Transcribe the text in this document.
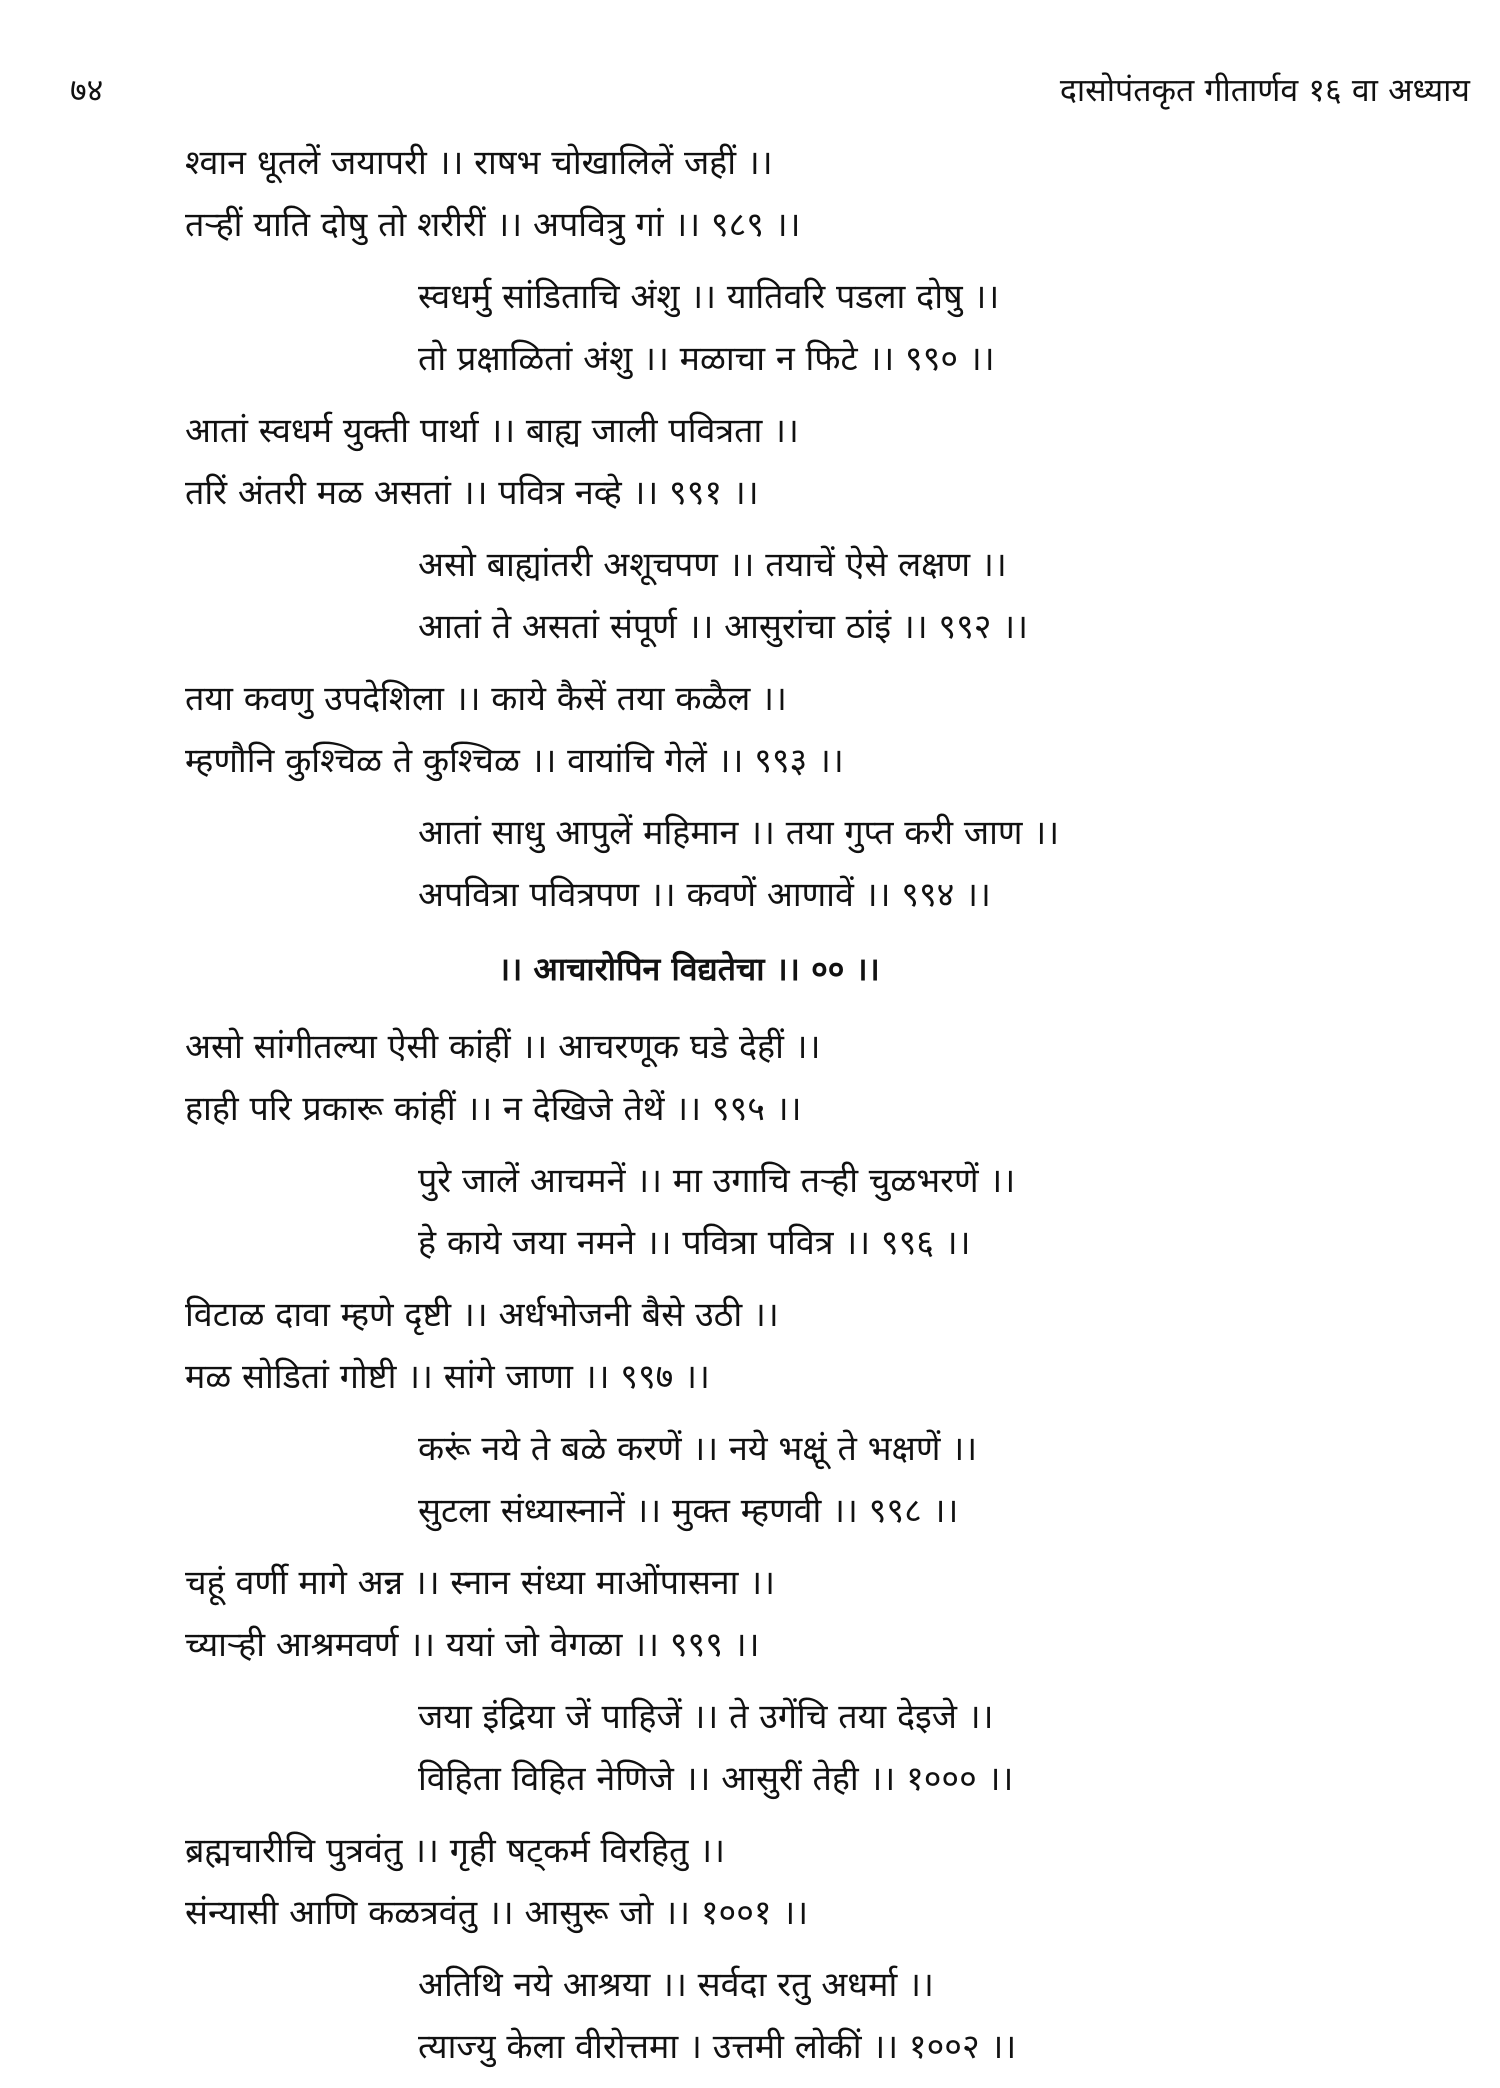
७४	दासोपंतकृत गीतार्णव १६ वा अध्याय
श्वान धूतलें जयापरी ।। राषभ चोखालिलें जहीं ।।
तऱ्हीं याति दोषु तो शरीरीं ।। अपवित्रु गां ।। ९८९ ।।
स्वधर्मु सांडिताचि अंशु ।। यातिवरि पडला दोषु ।।
तो प्रक्षाळितां अंशु ।। मळाचा न फिटे ।। ९९० ।।
आतां स्वधर्म युक्ती पार्था ।। बाह्य जाली पवित्रता ।।
तरिं अंतरी मळ असतां ।। पवित्र नव्हे ।। ९९१ ।।
असो बाह्यांतरी अशूचपण ।। तयाचें ऐसे लक्षण ।।
आतां ते असतां संपूर्ण ।। आसुरांचा ठांइं ।। ९९२ ।।
तया कवणु उपदेशिला ।। काये कैसें तया कळैल ।।
म्हणौनि कुश्चिळ ते कुश्चिळ ।। वायांचि गेलें ।। ९९३ ।।
आतां साधु आपुलें महिमान ।। तया गुप्त करी जाण ।।
अपवित्रा पवित्रपण ।। कवणें आणावें ।। ९९४ ।।
।। आचारोपिन विद्यतेचा ।। ०० ।।
असो सांगीतल्या ऐसी कांहीं ।। आचरणूक घडे देहीं ।।
हाही परि प्रकारू कांहीं ।। न देखिजे तेथें ।। ९९५ ।।
पुरे जालें आचमनें ।। मा उगाचि तऱ्ही चुळभरणें ।।
हे काये जया नमने ।। पवित्रा पवित्र ।। ९९६ ।।
विटाळ दावा म्हणे दृष्टी ।। अर्धभोजनी बैसे उठी ।।
मळ सोडितां गोष्टी ।। सांगे जाणा ।। ९९७ ।।
करूं नये ते बळे करणें ।। नये भक्षूं ते भक्षणें ।।
सुटला संध्यास्नानें ।। मुक्त म्हणवी ।। ९९८ ।।
चहूं वर्णी मागे अन्न ।। स्नान संध्या माओंपासना ।।
च्याऱ्ही आश्रमवर्ण ।। ययां जो वेगळा ।। ९९९ ।।
जया इंद्रिया जें पाहिजें ।। ते उगेंचि तया देइजे ।।
विहिता विहित नेणिजे ।। आसुरीं तेही ।। १००० ।।
ब्रह्मचारीचि पुत्रवंतु ।। गृही षट्कर्म विरहितु ।।
संन्यासी आणि कळत्रवंतु ।। आसुरू जो ।। १००१ ।।
अतिथि नये आश्रया ।। सर्वदा रतु अधर्मा ।।
त्याज्यु केला वीरोत्तमा । उत्तमी लोकीं ।। १००२ ।।
